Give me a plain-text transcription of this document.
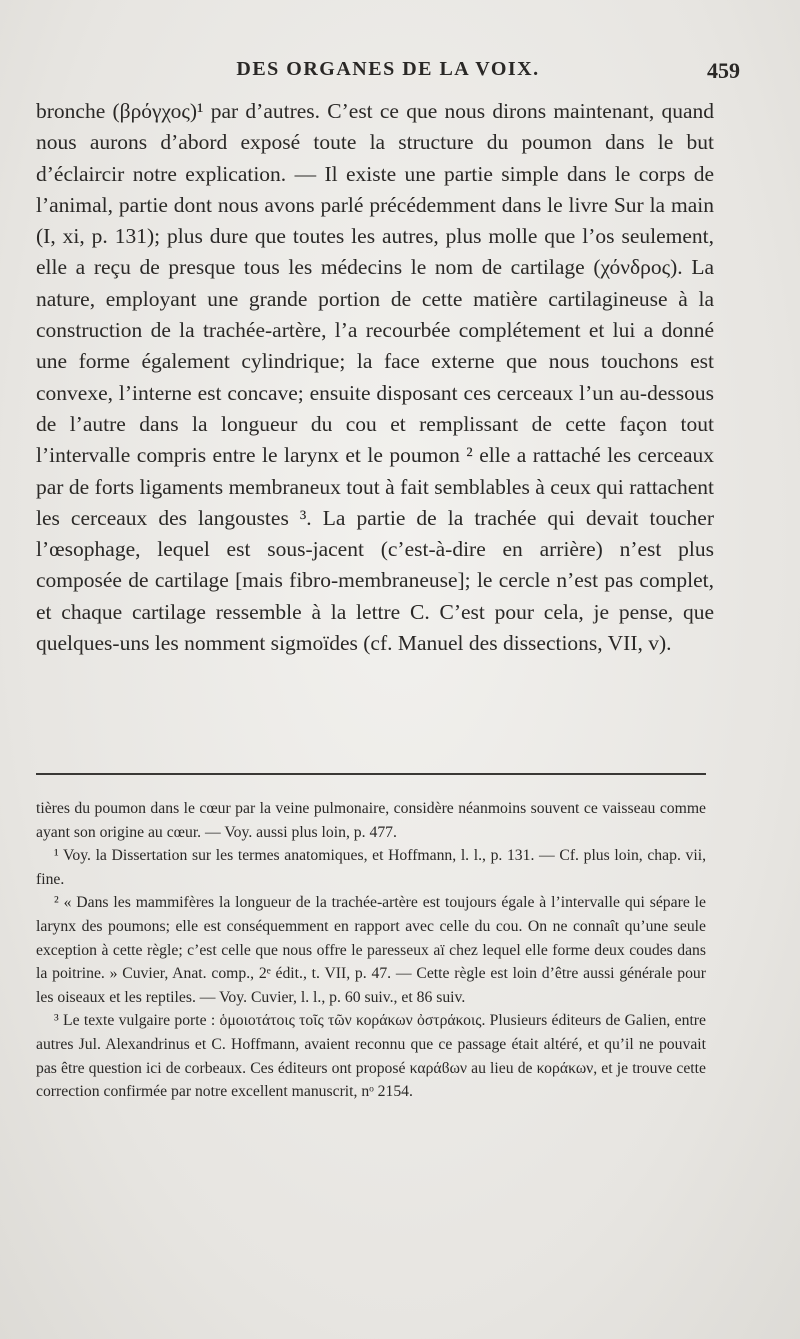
DES ORGANES DE LA VOIX.	459

bronche (βρόγχος)¹ par d’autres. C’est ce que nous dirons maintenant, quand nous aurons d’abord exposé toute la structure du poumon dans le but d’éclaircir notre explication. — Il existe une partie simple dans le corps de l’animal, partie dont nous avons parlé précédemment dans le livre Sur la main (I, xi, p. 131); plus dure que toutes les autres, plus molle que l’os seulement, elle a reçu de presque tous les médecins le nom de cartilage (χόνδρος). La nature, employant une grande portion de cette matière cartilagineuse à la construction de la trachée-artère, l’a recourbée complétement et lui a donné une forme également cylindrique; la face externe que nous touchons est convexe, l’interne est concave; ensuite disposant ces cerceaux l’un au-dessous de l’autre dans la longueur du cou et remplissant de cette façon tout l’intervalle compris entre le larynx et le poumon ² elle a rattaché les cerceaux par de forts ligaments membraneux tout à fait semblables à ceux qui rattachent les cerceaux des langoustes ³. La partie de la trachée qui devait toucher l’œsophage, lequel est sous-jacent (c’est-à-dire en arrière) n’est plus composée de cartilage [mais fibro-membraneuse]; le cercle n’est pas complet, et chaque cartilage ressemble à la lettre C. C’est pour cela, je pense, que quelques-uns les nomment sigmoïdes (cf. Manuel des dissections, VII, v).

tières du poumon dans le cœur par la veine pulmonaire, considère néanmoins souvent ce vaisseau comme ayant son origine au cœur. — Voy. aussi plus loin, p. 477.

¹ Voy. la Dissertation sur les termes anatomiques, et Hoffmann, l. l., p. 131. — Cf. plus loin, chap. vii, fine.

² « Dans les mammifères la longueur de la trachée-artère est toujours égale à l’intervalle qui sépare le larynx des poumons; elle est conséquemment en rapport avec celle du cou. On ne connaît qu’une seule exception à cette règle; c’est celle que nous offre le paresseux aï chez lequel elle forme deux coudes dans la poitrine. » Cuvier, Anat. comp., 2ᵉ édit., t. VII, p. 47. — Cette règle est loin d’être aussi générale pour les oiseaux et les reptiles. — Voy. Cuvier, l. l., p. 60 suiv., et 86 suiv.

³ Le texte vulgaire porte : ὁμοιοτάτοις τοῖς τῶν κοράκων ὀστράκοις. Plusieurs éditeurs de Galien, entre autres Jul. Alexandrinus et C. Hoffmann, avaient reconnu que ce passage était altéré, et qu’il ne pouvait pas être question ici de corbeaux. Ces éditeurs ont proposé καράϐων au lieu de κοράκων, et je trouve cette correction confirmée par notre excellent manuscrit, nᵒ 2154.
